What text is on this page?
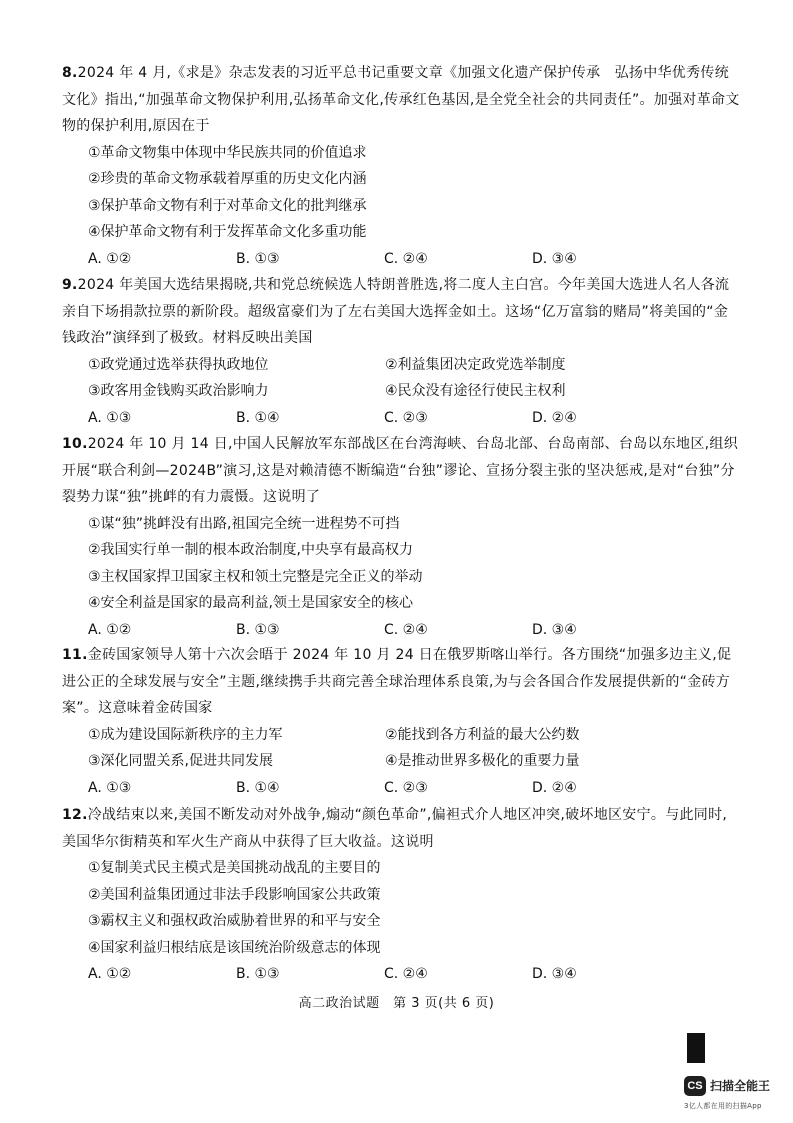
8.2024 年 4 月,《求是》杂志发表的习近平总书记重要文章《加强文化遗产保护传承　弘扬中华优秀传统文化》指出,“加强革命文物保护利用,弘扬革命文化,传承红色基因,是全党全社会的共同责任”。加强对革命文物的保护利用,原因在于

①革命文物集中体现中华民族共同的价值追求

②珍贵的革命文物承载着厚重的历史文化内涵

③保护革命文物有利于对革命文化的批判继承

④保护革命文物有利于发挥革命文化多重功能

A. ①②	B. ①③	C. ②④	D. ③④

9.2024 年美国大选结果揭晓,共和党总统候选人特朗普胜选,将二度人主白宫。今年美国大选进人名人各流亲自下场捐款拉票的新阶段。超级富豪们为了左右美国大选挥金如土。这场“亿万富翁的赌局”将美国的“金钱政治”演绎到了极致。材料反映出美国

①政党通过选举获得执政地位	②利益集团决定政党选举制度
③政客用金钱购买政治影响力	④民众没有途径行使民主权利
A. ①③	B. ①④	C. ②③	D. ②④

10.2024 年 10 月 14 日,中国人民解放军东部战区在台湾海峡、台岛北部、台岛南部、台岛以东地区,组织开展“联合利剑—2024B”演习,这是对赖清德不断编造“台独”谬论、宣扬分裂主张的坚决惩戒,是对“台独”分裂势力谋“独”挑衅的有力震慑。这说明了

①谋“独”挑衅没有出路,祖国完全统一进程势不可挡

②我国实行单一制的根本政治制度,中央享有最高权力

③主权国家捍卫国家主权和领土完整是完全正义的举动

④安全利益是国家的最高利益,领土是国家安全的核心

A. ①②	B. ①③	C. ②④	D. ③④

11.金砖国家领导人第十六次会晤于 2024 年 10 月 24 日在俄罗斯喀山举行。各方围绕“加强多边主义,促进公正的全球发展与安全”主题,继续携手共商完善全球治理体系良策,为与会各国合作发展提供新的“金砖方案”。这意味着金砖国家

①成为建设国际新秩序的主力军	②能找到各方利益的最大公约数
③深化同盟关系,促进共同发展	④是推动世界多极化的重要力量
A. ①③	B. ①④	C. ②③	D. ②④

12.冷战结束以来,美国不断发动对外战争,煽动“颜色革命”,偏袒式介人地区冲突,破坏地区安宁。与此同时,美国华尔街精英和军火生产商从中获得了巨大收益。这说明

①复制美式民主模式是美国挑动战乱的主要目的

②美国利益集团通过非法手段影响国家公共政策

③霸权主义和强权政治威胁着世界的和平与安全

④国家利益归根结底是该国统治阶级意志的体现

A. ①②	B. ①③	C. ②④	D. ③④
高二政治试题　第 3 页(共 6 页)
CS 扫描全能王
3亿人都在用的扫描App
